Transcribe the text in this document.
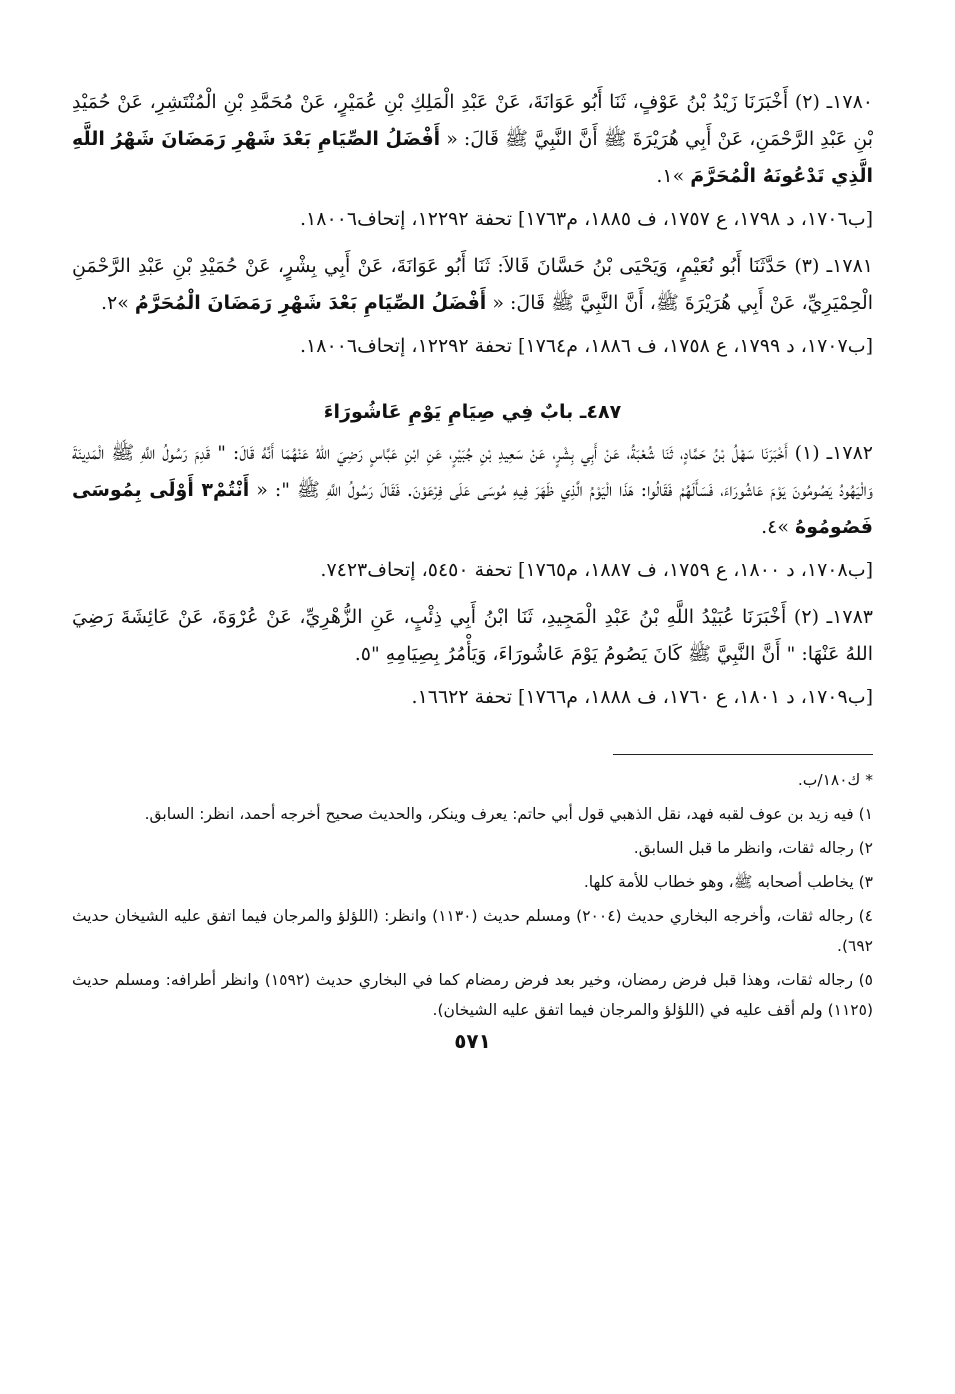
١٧٨٠ـ (٢) أَخْبَرَنَا زَيْدُ بْنُ عَوْفٍ، ثَنَا أَبُو عَوَانَةَ، عَنْ عَبْدِ الْمَلِكِ بْنِ عُمَيْرٍ، عَنْ مُحَمَّدِ بْنِ الْمُنْتَشِرِ، عَنْ حُمَيْدِ بْنِ عَبْدِ الرَّحْمَنِ، عَنْ أَبِي هُرَيْرَةَ ﷺ أَنَّ النَّبِيَّ ﷺ قَالَ: « أَفْضَلُ الصِّيَامِ بَعْدَ شَهْرِ رَمَضَانَ شَهْرُ اللَّهِ الَّذِي تَدْعُونَهُ الْمُحَرَّمَ »١.

[ب١٧٠٦، د ١٧٩٨، ع ١٧٥٧، ف ١٨٨٥، م١٧٦٣] تحفة ١٢٢٩٢، إتحاف١٨٠٠٦.

١٧٨١ـ (٣) حَدَّثَنَا أَبُو نُعَيْمٍ، وَيَحْيَى بْنُ حَسَّانَ قَالاَ: ثَنَا أَبُو عَوَانَةَ، عَنْ أَبِي بِشْرٍ، عَنْ حُمَيْدِ بْنِ عَبْدِ الرَّحْمَنِ الْحِمْيَرِيِّ، عَنْ أَبِي هُرَيْرَةَ ﷺ، أَنَّ النَّبِيَّ ﷺ قَالَ: « أَفْضَلُ الصِّيَامِ بَعْدَ شَهْرِ رَمَضَانَ الْمُحَرَّمُ »٢.

[ب١٧٠٧، د ١٧٩٩، ع ١٧٥٨، ف ١٨٨٦، م١٧٦٤] تحفة ١٢٢٩٢، إتحاف١٨٠٠٦.

٤٨٧ـ بابٌ فِي صِيَامِ يَوْمِ عَاشُورَاءَ

١٧٨٢ـ (١) أَخْبَرَنَا سَهْلُ بْنُ حَمَّادٍ، ثَنَا شُعْبَةُ، عَنْ أَبِي بِشْرٍ، عَنْ سَعِيدِ بْنِ جُبَيْرٍ، عَنِ ابْنِ عَبَّاسٍ رَضِيَ اللهُ عَنْهُمَا أَنَّهُ قَالَ: " قَدِمَ رَسُولُ اللَّهِ ﷺ الْمَدِينَةَ وَالْيَهُودُ يَصُومُونَ يَوْمَ عَاشُورَاءَ، فَسَأَلَهُمْ فَقَالُوا: هَذَا الْيَوْمُ الَّذِي ظَهَرَ فِيهِ مُوسَى عَلَى فِرْعَوْنَ. فَقَالَ رَسُولُ اللَّهِ ﷺ ": « أَنْتُمْ٣ أَوْلَى بِمُوسَى فَصُومُوهُ »٤.

[ب١٧٠٨، د ١٨٠٠، ع ١٧٥٩، ف ١٨٨٧، م١٧٦٥] تحفة ٥٤٥٠، إتحاف٧٤٢٣.

١٧٨٣ـ (٢) أَخْبَرَنَا عُبَيْدُ اللَّهِ بْنُ عَبْدِ الْمَجِيدِ، ثَنَا ابْنُ أَبِي ذِئْبٍ، عَنِ الزُّهْرِيِّ، عَنْ عُرْوَةَ، عَنْ عَائِشَةَ رَضِيَ اللهُ عَنْهَا: " أَنَّ النَّبِيَّ ﷺ كَانَ يَصُومُ يَوْمَ عَاشُورَاءَ، وَيَأْمُرُ بِصِيَامِهِ "٥.

[ب١٧٠٩، د ١٨٠١، ع ١٧٦٠، ف ١٨٨٨، م١٧٦٦] تحفة ١٦٦٢٢.

* ك١٨٠/ب.

١) فيه زيد بن عوف لقبه فهد، نقل الذهبي قول أبي حاتم: يعرف وينكر، والحديث صحيح أخرجه أحمد، انظر: السابق.

٢) رجاله ثقات، وانظر ما قبل السابق.

٣) يخاطب أصحابه ﷺ، وهو خطاب للأمة كلها.

٤) رجاله ثقات، وأخرجه البخاري حديث (٢٠٠٤) ومسلم حديث (١١٣٠) وانظر: (اللؤلؤ والمرجان فيما اتفق عليه الشيخان حديث ٦٩٢).

٥) رجاله ثقات، وهذا قبل فرض رمضان، وخير بعد فرض رمضام كما في البخاري حديث (١٥٩٢) وانظر أطرافه: ومسلم حديث (١١٢٥) ولم أقف عليه في (اللؤلؤ والمرجان فيما اتفق عليه الشيخان).

٥٧١
